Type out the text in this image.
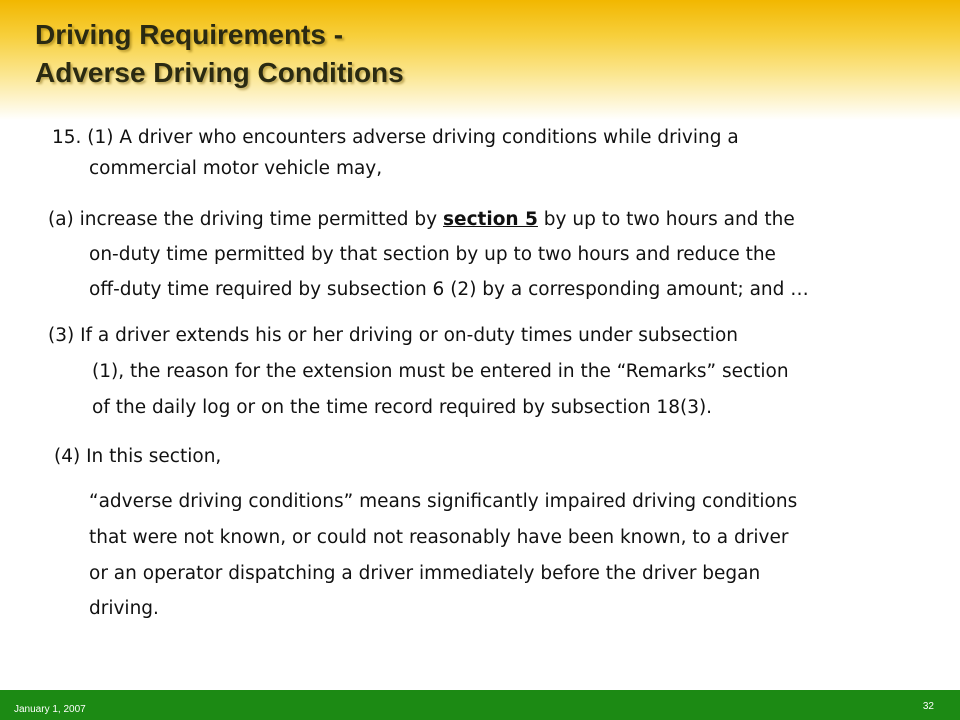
Driving Requirements -
Adverse Driving Conditions
15. (1) A driver who encounters adverse driving conditions while driving a
commercial motor vehicle may,
(a) increase the driving time permitted by section 5 by up to two hours and the
on-duty time permitted by that section by up to two hours and reduce the
off-duty time required by subsection 6 (2) by a corresponding amount; and …
(3) If a driver extends his or her driving or on-duty times under subsection
(1), the reason for the extension must be entered in the “Remarks” section
of the daily log or on the time record required by subsection 18(3).
(4) In this section,
“adverse driving conditions” means significantly impaired driving conditions
that were not known, or could not reasonably have been known, to a driver
or an operator dispatching a driver immediately before the driver began
driving.
January 1, 2007	32
